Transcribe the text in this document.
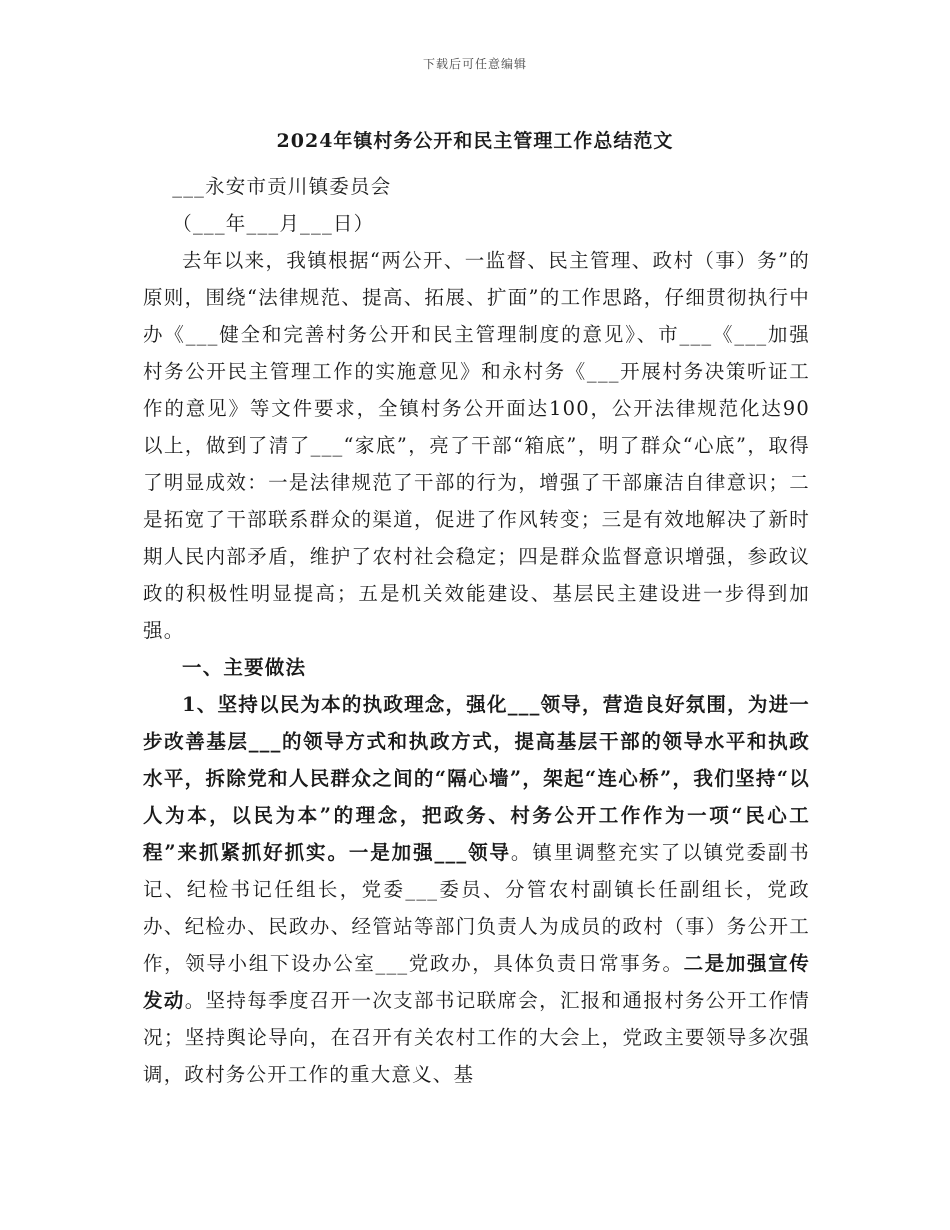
下载后可任意编辑
2024年镇村务公开和民主管理工作总结范文

___永安市贡川镇委员会

（___年___月___日）

去年以来，我镇根据“两公开、一监督、民主管理、政村（事）务”的原则，围绕“法律规范、提高、拓展、扩面”的工作思路，仔细贯彻执行中办《___健全和完善村务公开和民主管理制度的意见》、市___《___加强村务公开民主管理工作的实施意见》和永村务《___开展村务决策听证工作的意见》等文件要求，全镇村务公开面达100，公开法律规范化达90以上，做到了清了___“家底”，亮了干部“箱底”，明了群众“心底”，取得了明显成效：一是法律规范了干部的行为，增强了干部廉洁自律意识；二是拓宽了干部联系群众的渠道，促进了作风转变；三是有效地解决了新时期人民内部矛盾，维护了农村社会稳定；四是群众监督意识增强，参政议政的积极性明显提高；五是机关效能建设、基层民主建设进一步得到加强。

一、主要做法

1、坚持以民为本的执政理念，强化___领导，营造良好氛围，为进一步改善基层___的领导方式和执政方式，提高基层干部的领导水平和执政水平，拆除党和人民群众之间的“隔心墙”，架起“连心桥”，我们坚持“以人为本，以民为本”的理念，把政务、村务公开工作作为一项“民心工程”来抓紧抓好抓实。一是加强___领导。镇里调整充实了以镇党委副书记、纪检书记任组长，党委___委员、分管农村副镇长任副组长，党政办、纪检办、民政办、经管站等部门负责人为成员的政村（事）务公开工作，领导小组下设办公室___党政办，具体负责日常事务。二是加强宣传发动。坚持每季度召开一次支部书记联席会，汇报和通报村务公开工作情况；坚持舆论导向，在召开有关农村工作的大会上，党政主要领导多次强调，政村务公开工作的重大意义、基
